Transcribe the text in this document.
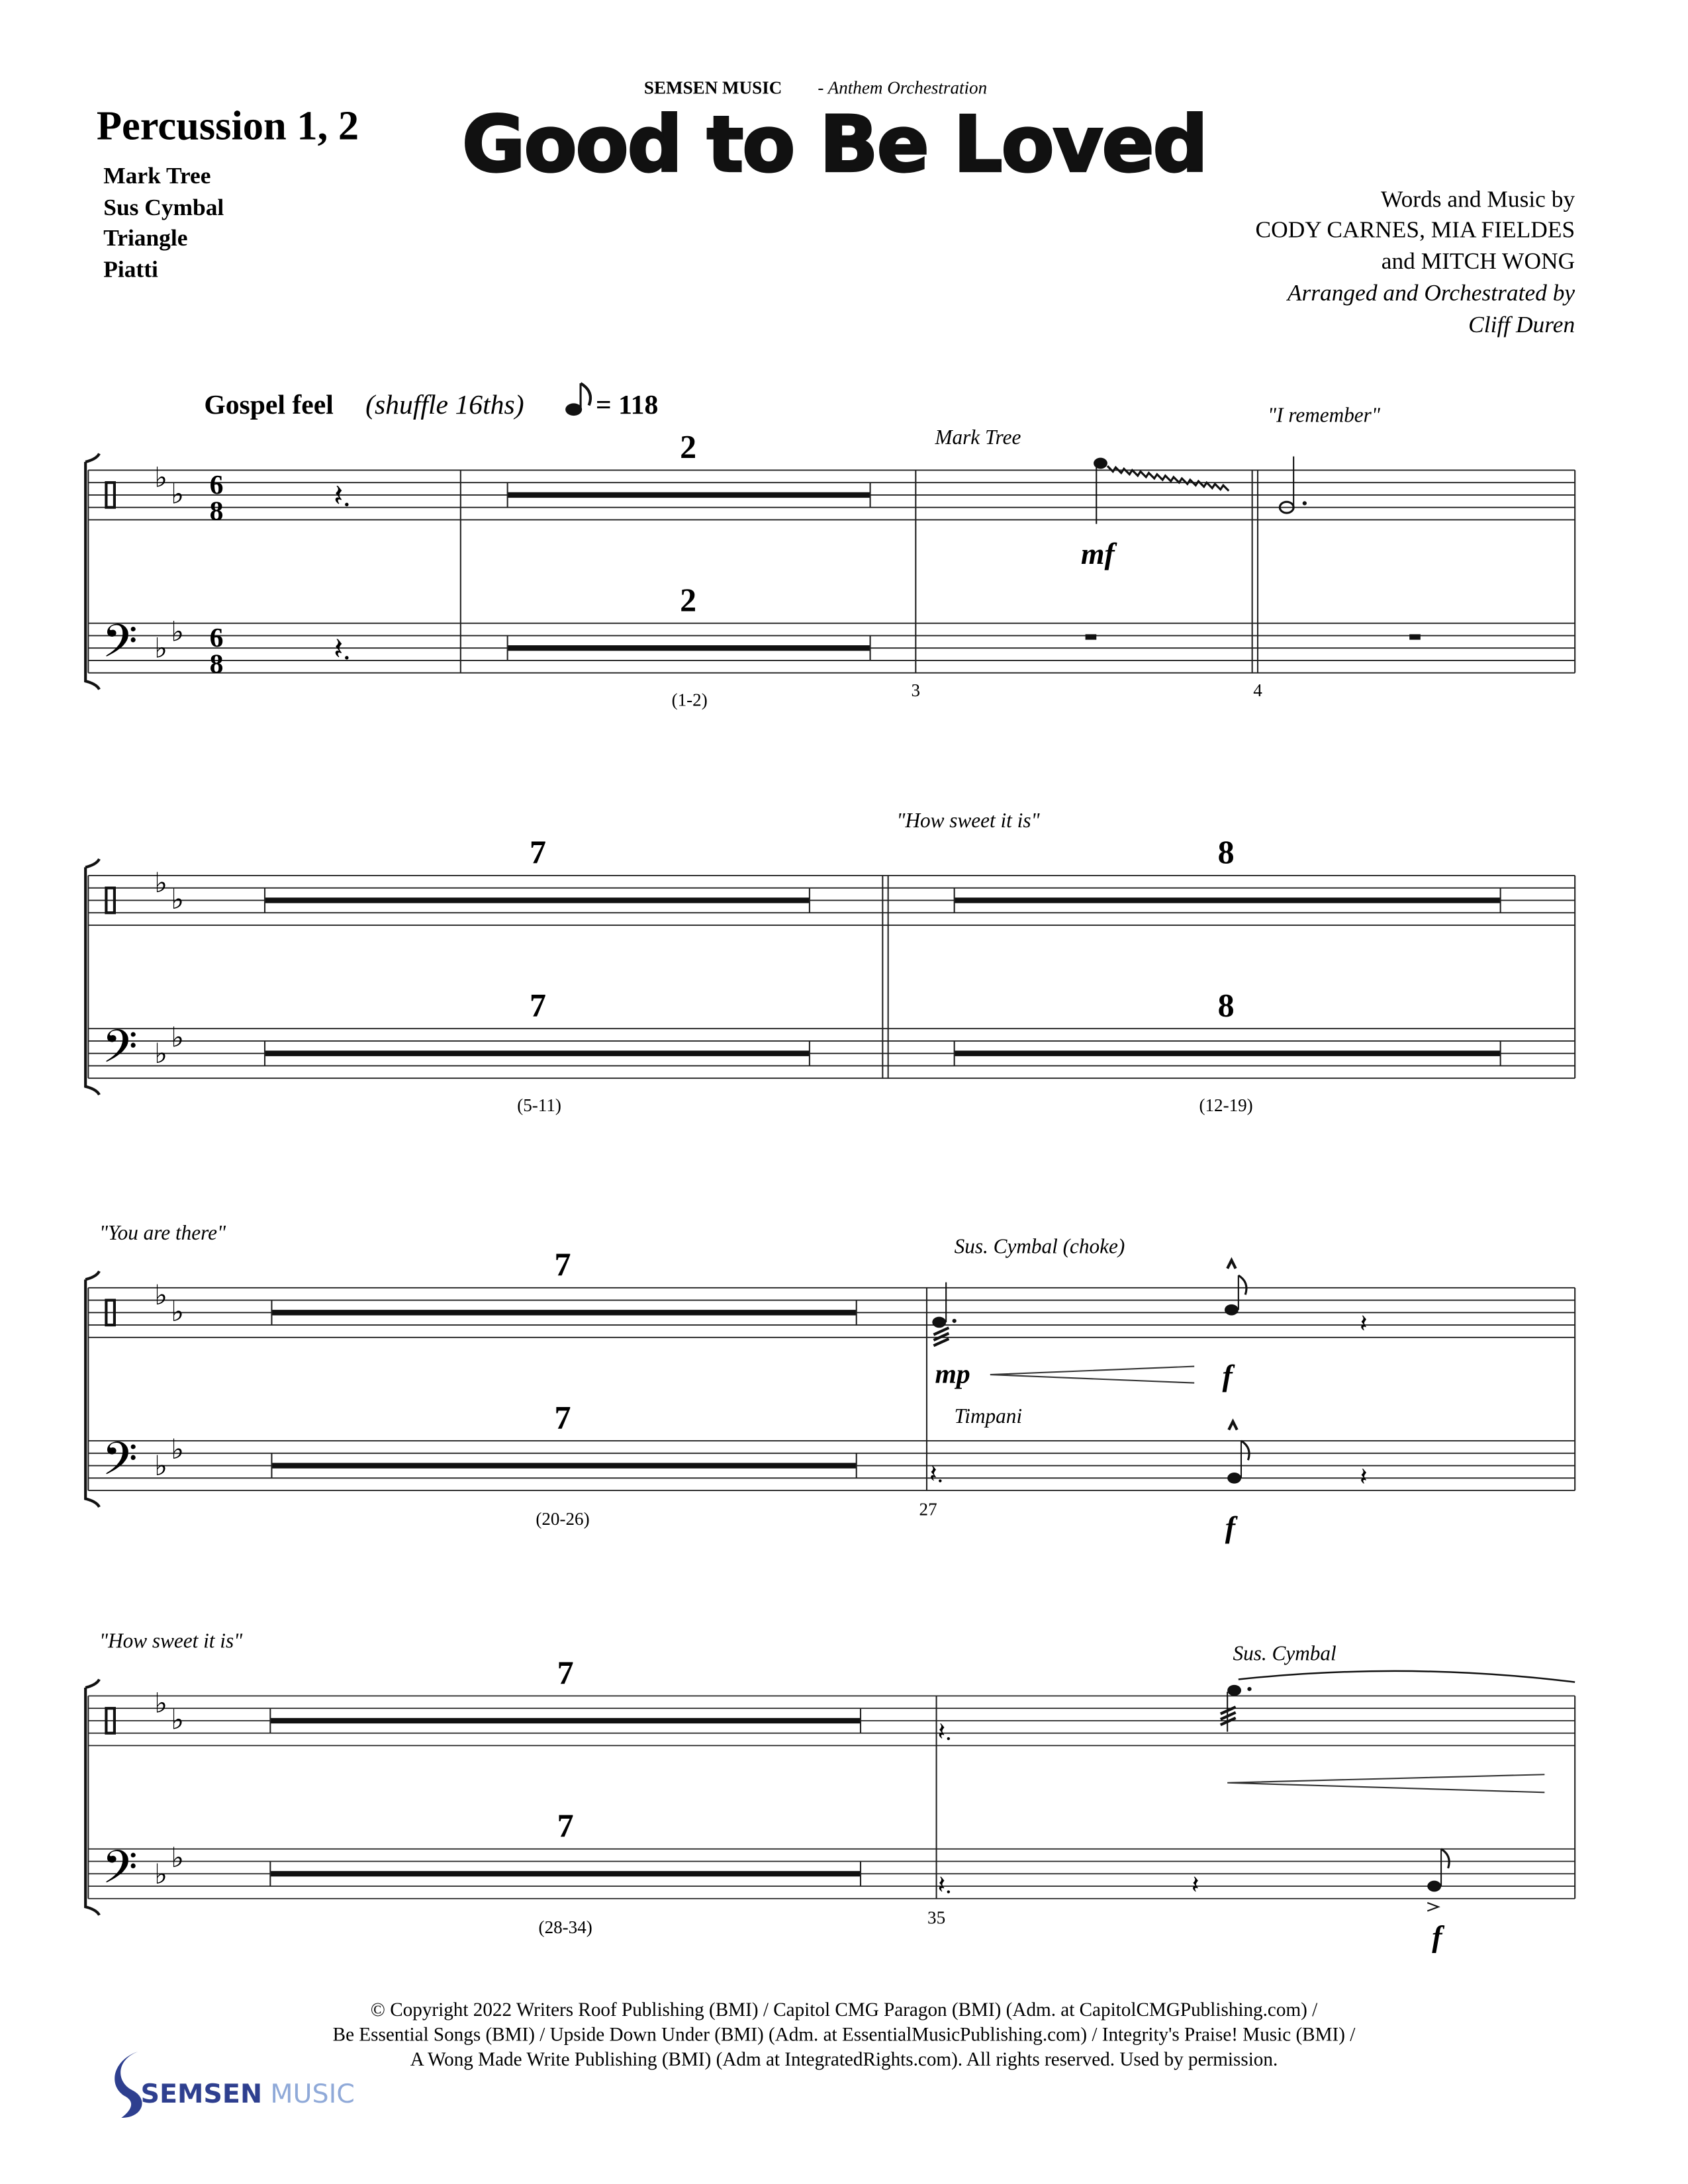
SEMSEN MUSIC	- Anthem Orchestration
Percussion 1, 2
Mark Tree
Sus Cymbal
Triangle
Piatti
Good to Be Loved
Words and Music by
CODY CARNES, MIA FIELDES
and MITCH WONG
Arranged and Orchestrated by
Cliff Duren
Gospel feel (shuffle 16ths)	= 118
♭
♭	𝄽.
𝄢 ♭
♭	𝄽.
♭
♭
𝄢 ♭
♭
♭
♭
𝄢 ♭
♭
♭
♭
𝄢 ♭
♭
"I remember"
Mark Tree
2
2
(1-2)	3	4
mf
6
8
6
8
"How sweet it is"
7
7
8
8
(5-11)	(12-19)
"You are there"
Sus. Cymbal (choke)
Timpani
7
7
(20-26)	27
mp	f
f
𝄽
𝄽.	𝄽
"How sweet it is"
Sus. Cymbal
7
7
(28-34)	35
f
𝄽.
𝄽.	𝄽
© Copyright 2022 Writers Roof Publishing (BMI) / Capitol CMG Paragon (BMI) (Adm. at CapitolCMGPublishing.com) /
Be Essential Songs (BMI) / Upside Down Under (BMI) (Adm. at EssentialMusicPublishing.com) / Integrity's Praise! Music (BMI) /
A Wong Made Write Publishing (BMI) (Adm at IntegratedRights.com). All rights reserved. Used by permission.
SEMSEN MUSIC
